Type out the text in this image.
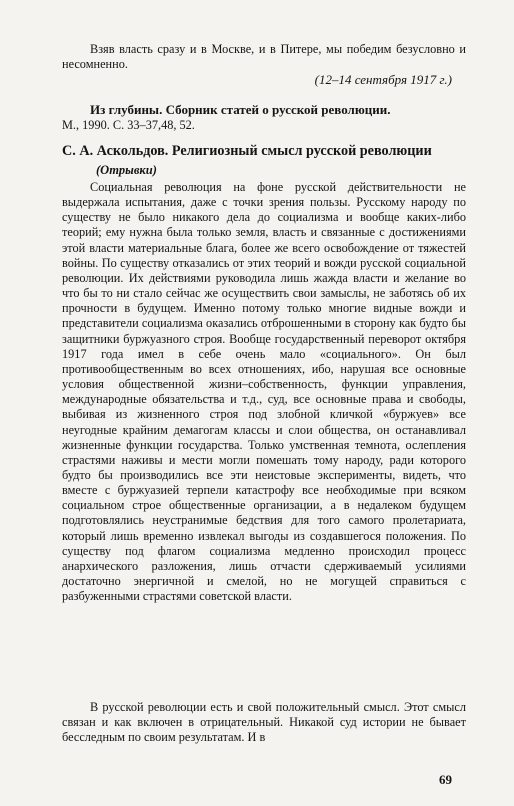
Взяв власть сразу и в Москве, и в Питере, мы победим безусловно и несомненно.

(12–14 сентября 1917 г.)
Из глубины. Сборник статей о русской революции.
М., 1990. С. 33–37,48, 52.
С. А. Аскольдов. Религиозный смысл русской революции
(Отрывки)

Социальная революция на фоне русской действительности не выдержала испытания, даже с точки зрения пользы. Русскому народу по существу не было никакого дела до социализма и вообще каких-либо теорий; ему нужна была только земля, власть и связанные с достижениями этой власти материальные блага, более же всего освобождение от тяжестей войны. По существу отказались от этих теорий и вожди русской социальной революции. Их действиями руководила лишь жажда власти и желание во что бы то ни стало сейчас же осуществить свои замыслы, не заботясь об их прочности в будущем. Именно потому только многие видные вожди и представители социализма оказались отброшенными в сторону как будто бы защитники буржуазного строя. Вообще государственный переворот октября 1917 года имел в себе очень мало «социального». Он был противообщественным во всех отношениях, ибо, нарушая все основные условия общественной жизни–собственность, функции управления, международные обязательства и т.д., суд, все основные права и свободы, выбивая из жизненного строя под злобной кличкой «буржуев» все неугодные крайним демагогам классы и слои общества, он останавливал жизненные функции государства. Только умственная темнота, ослепления страстями наживы и мести могли помешать тому народу, ради которого будто бы производились все эти неистовые эксперименты, видеть, что вместе с буржуазией терпели катастрофу все необходимые при всяком социальном строе общественные организации, а в недалеком будущем подготовлялись неустранимые бедствия для того самого пролетариата, который лишь временно извлекал выгоды из создавшегося положения. По существу под флагом социализма медленно происходил процесс анархического разложения, лишь отчасти сдерживаемый усилиями достаточно энергичной и смелой, но не могущей справиться с разбуженными страстями советской власти.

В русской революции есть и свой положительный смысл. Этот смысл связан и как включен в отрицательный. Никакой суд истории не бывает бесследным по своим результатам. И в

69
